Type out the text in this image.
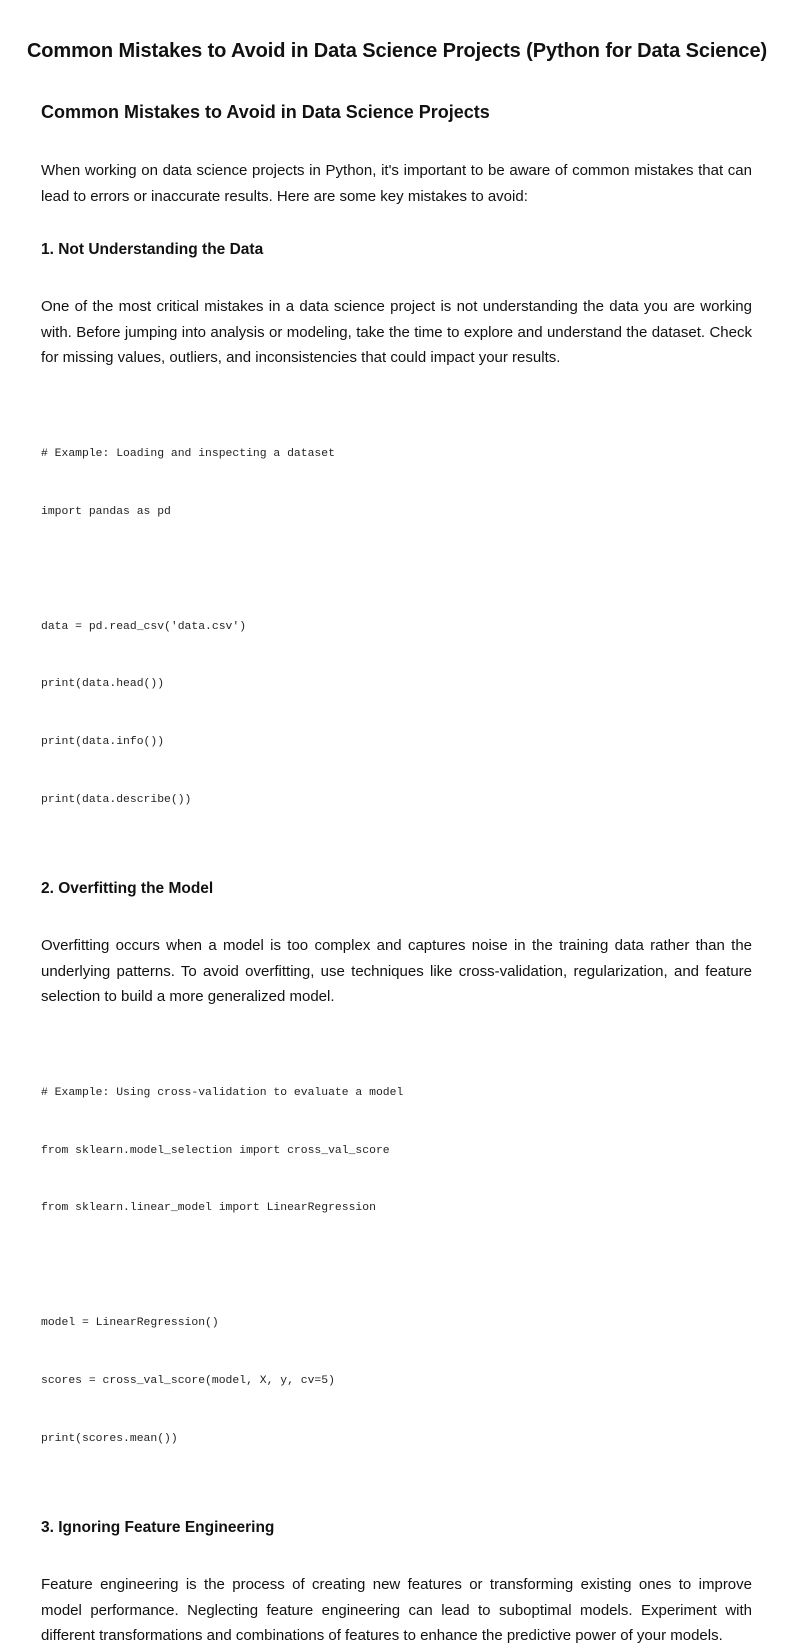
Common Mistakes to Avoid in Data Science Projects (Python for Data Science)
Common Mistakes to Avoid in Data Science Projects

When working on data science projects in Python, it's important to be aware of common mistakes that can lead to errors or inaccurate results. Here are some key mistakes to avoid:

1. Not Understanding the Data

One of the most critical mistakes in a data science project is not understanding the data you are working with. Before jumping into analysis or modeling, take the time to explore and understand the dataset. Check for missing values, outliers, and inconsistencies that could impact your results.

# Example: Loading and inspecting a dataset

import pandas as pd

data = pd.read_csv('data.csv')

print(data.head())

print(data.info())

print(data.describe())

2. Overfitting the Model

Overfitting occurs when a model is too complex and captures noise in the training data rather than the underlying patterns. To avoid overfitting, use techniques like cross-validation, regularization, and feature selection to build a more generalized model.

# Example: Using cross-validation to evaluate a model

from sklearn.model_selection import cross_val_score

from sklearn.linear_model import LinearRegression

model = LinearRegression()

scores = cross_val_score(model, X, y, cv=5)

print(scores.mean())

3. Ignoring Feature Engineering

Feature engineering is the process of creating new features or transforming existing ones to improve model performance. Neglecting feature engineering can lead to suboptimal models. Experiment with different transformations and combinations of features to enhance the predictive power of your models.
